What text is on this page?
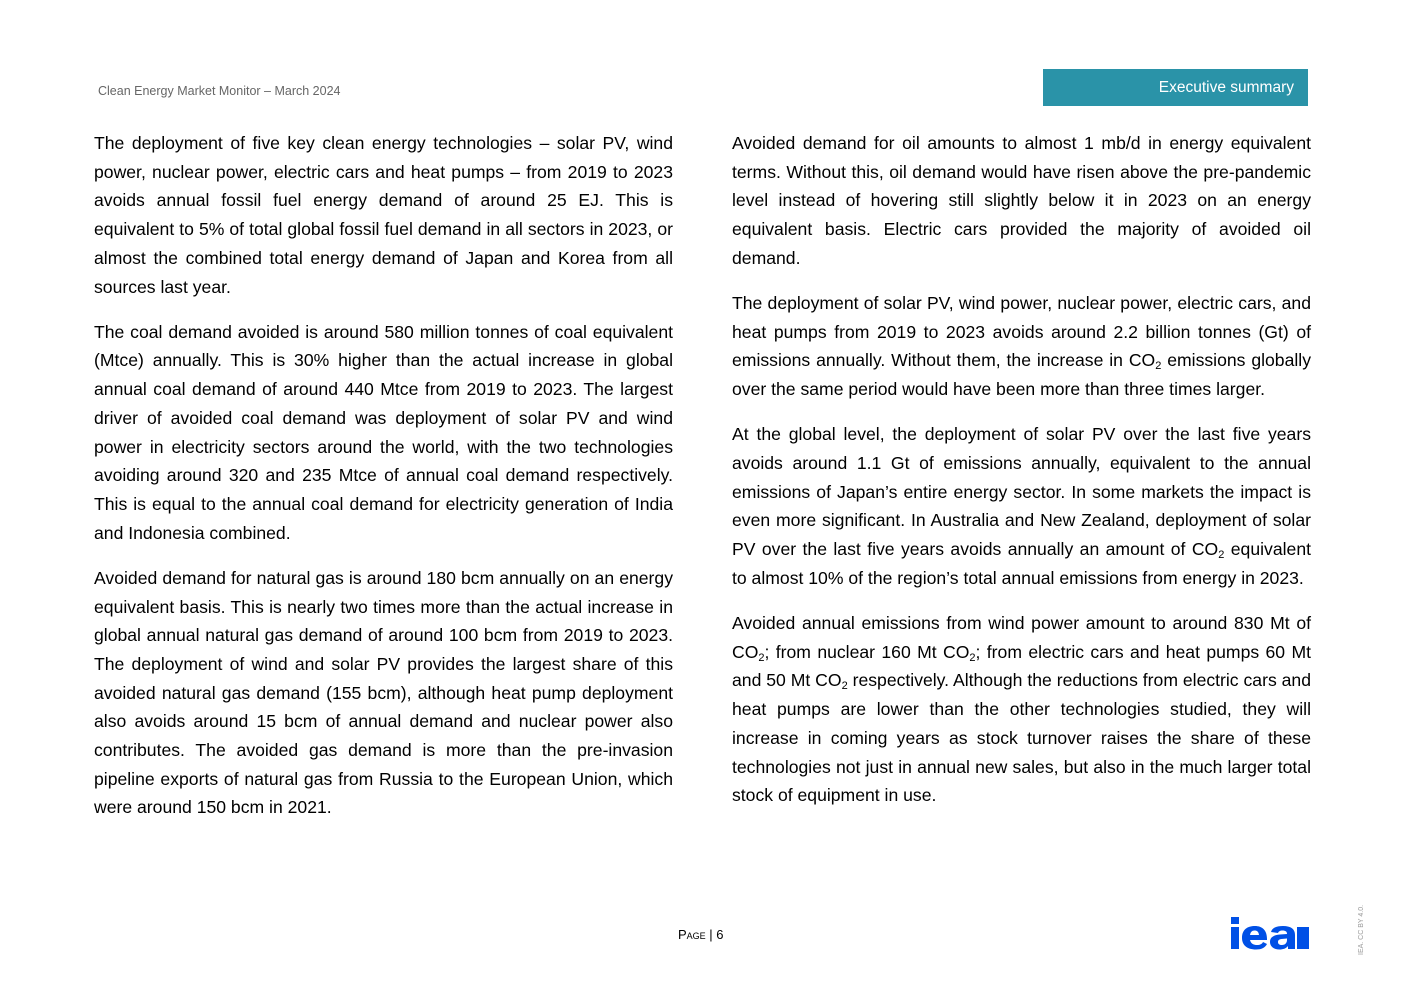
Clean Energy Market Monitor – March 2024	Executive summary

The deployment of five key clean energy technologies – solar PV, wind power, nuclear power, electric cars and heat pumps – from 2019 to 2023 avoids annual fossil fuel energy demand of around 25 EJ. This is equivalent to 5% of total global fossil fuel demand in all sectors in 2023, or almost the combined total energy demand of Japan and Korea from all sources last year.

The coal demand avoided is around 580 million tonnes of coal equivalent (Mtce) annually. This is 30% higher than the actual increase in global annual coal demand of around 440 Mtce from 2019 to 2023. The largest driver of avoided coal demand was deployment of solar PV and wind power in electricity sectors around the world, with the two technologies avoiding around 320 and 235 Mtce of annual coal demand respectively. This is equal to the annual coal demand for electricity generation of India and Indonesia combined.

Avoided demand for natural gas is around 180 bcm annually on an energy equivalent basis. This is nearly two times more than the actual increase in global annual natural gas demand of around 100 bcm from 2019 to 2023. The deployment of wind and solar PV provides the largest share of this avoided natural gas demand (155 bcm), although heat pump deployment also avoids around 15 bcm of annual demand and nuclear power also contributes. The avoided gas demand is more than the pre-invasion pipeline exports of natural gas from Russia to the European Union, which were around 150 bcm in 2021.

Avoided demand for oil amounts to almost 1 mb/d in energy equivalent terms. Without this, oil demand would have risen above the pre-pandemic level instead of hovering still slightly below it in 2023 on an energy equivalent basis. Electric cars provided the majority of avoided oil demand.

The deployment of solar PV, wind power, nuclear power, electric cars, and heat pumps from 2019 to 2023 avoids around 2.2 billion tonnes (Gt) of emissions annually. Without them, the increase in $CO_2$ emissions globally over the same period would have been more than three times larger.

At the global level, the deployment of solar PV over the last five years avoids around 1.1 Gt of emissions annually, equivalent to the annual emissions of Japan’s entire energy sector. In some markets the impact is even more significant. In Australia and New Zealand, deployment of solar PV over the last five years avoids annually an amount of $CO_2$ equivalent to almost 10% of the region’s total annual emissions from energy in 2023.

Avoided annual emissions from wind power amount to around 830 Mt of $CO_2$; from nuclear 160 Mt $CO_2$; from electric cars and heat pumps 60 Mt and 50 Mt $CO_2$ respectively. Although the reductions from electric cars and heat pumps are lower than the other technologies studied, they will increase in coming years as stock turnover raises the share of these technologies not just in annual new sales, but also in the much larger total stock of equipment in use.

Page | 6	IEA. CC BY 4.0.
